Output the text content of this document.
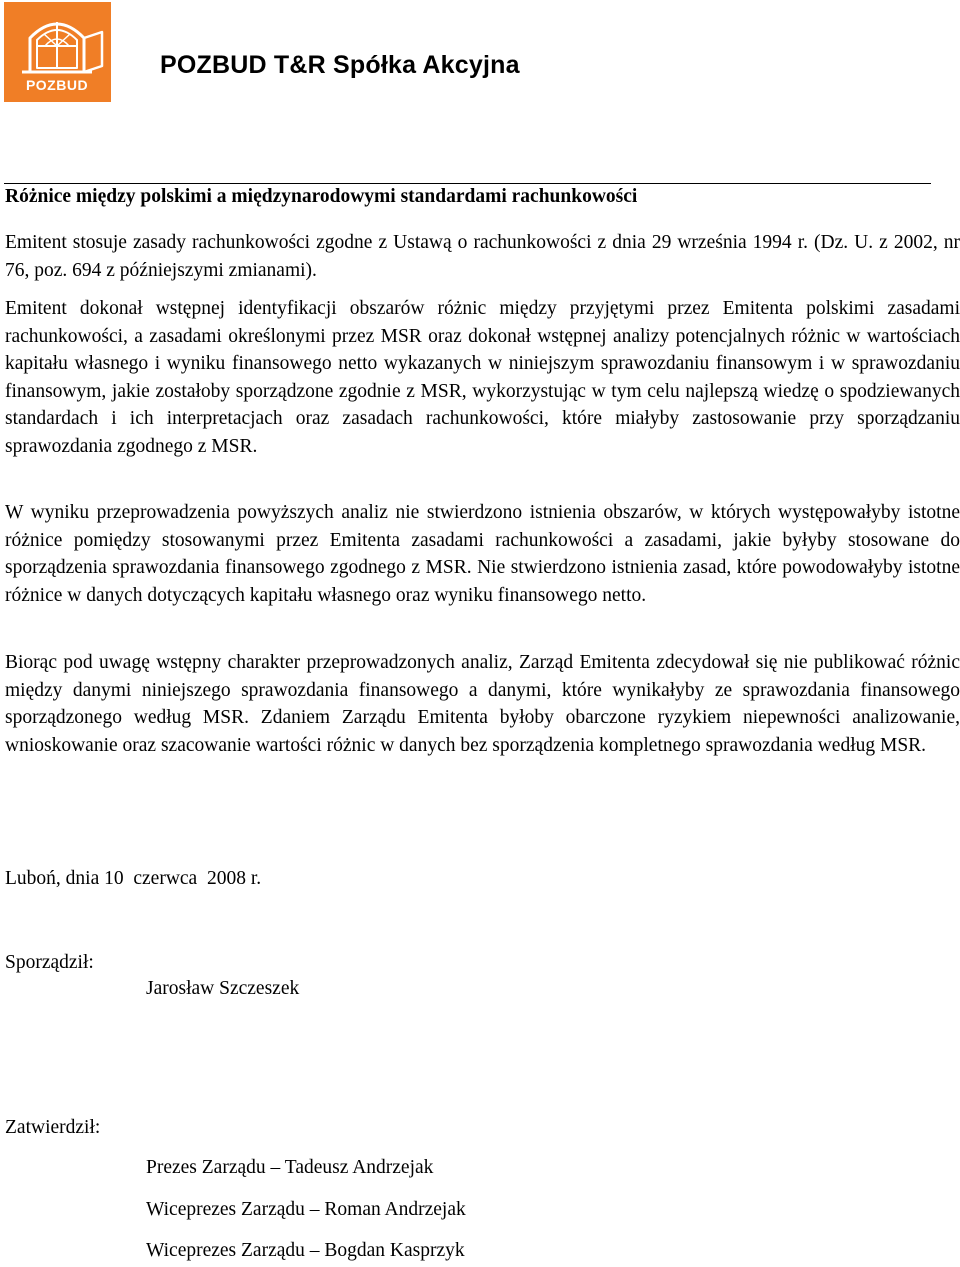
POZBUD
POZBUD T&R Spółka Akcyjna
Różnice między polskimi a międzynarodowymi standardami rachunkowości

Emitent stosuje zasady rachunkowości zgodne z Ustawą o rachunkowości z dnia 29 września 1994 r. (Dz. U. z 2002, nr 76, poz. 694 z późniejszymi zmianami).

Emitent dokonał wstępnej identyfikacji obszarów różnic między przyjętymi przez Emitenta polskimi zasadami rachunkowości, a zasadami określonymi przez MSR oraz dokonał wstępnej analizy potencjalnych różnic w wartościach kapitału własnego i wyniku finansowego netto wykazanych w niniejszym sprawozdaniu finansowym i w sprawozdaniu finansowym, jakie zostałoby sporządzone zgodnie z MSR, wykorzystując w tym celu najlepszą wiedzę o spodziewanych standardach i ich interpretacjach oraz zasadach rachunkowości, które miałyby zastosowanie przy sporządzaniu sprawozdania zgodnego z MSR.

W wyniku przeprowadzenia powyższych analiz nie stwierdzono istnienia obszarów, w których występowałyby istotne różnice pomiędzy stosowanymi przez Emitenta zasadami rachunkowości a zasadami, jakie byłyby stosowane do sporządzenia sprawozdania finansowego zgodnego z MSR. Nie stwierdzono istnienia zasad, które powodowałyby istotne różnice w danych dotyczących kapitału własnego oraz wyniku finansowego netto.

Biorąc pod uwagę wstępny charakter przeprowadzonych analiz, Zarząd Emitenta zdecydował się nie publikować różnic między danymi niniejszego sprawozdania finansowego a danymi, które wynikałyby ze sprawozdania finansowego sporządzonego według MSR. Zdaniem Zarządu Emitenta byłoby obarczone ryzykiem niepewności analizowanie, wnioskowanie oraz szacowanie wartości różnic w danych bez sporządzenia kompletnego sprawozdania według MSR.

Luboń, dnia 10  czerwca  2008 r.
Sporządził:
Jarosław Szczeszek
Zatwierdził:
Prezes Zarządu – Tadeusz Andrzejak
Wiceprezes Zarządu – Roman Andrzejak
Wiceprezes Zarządu – Bogdan Kasprzyk
